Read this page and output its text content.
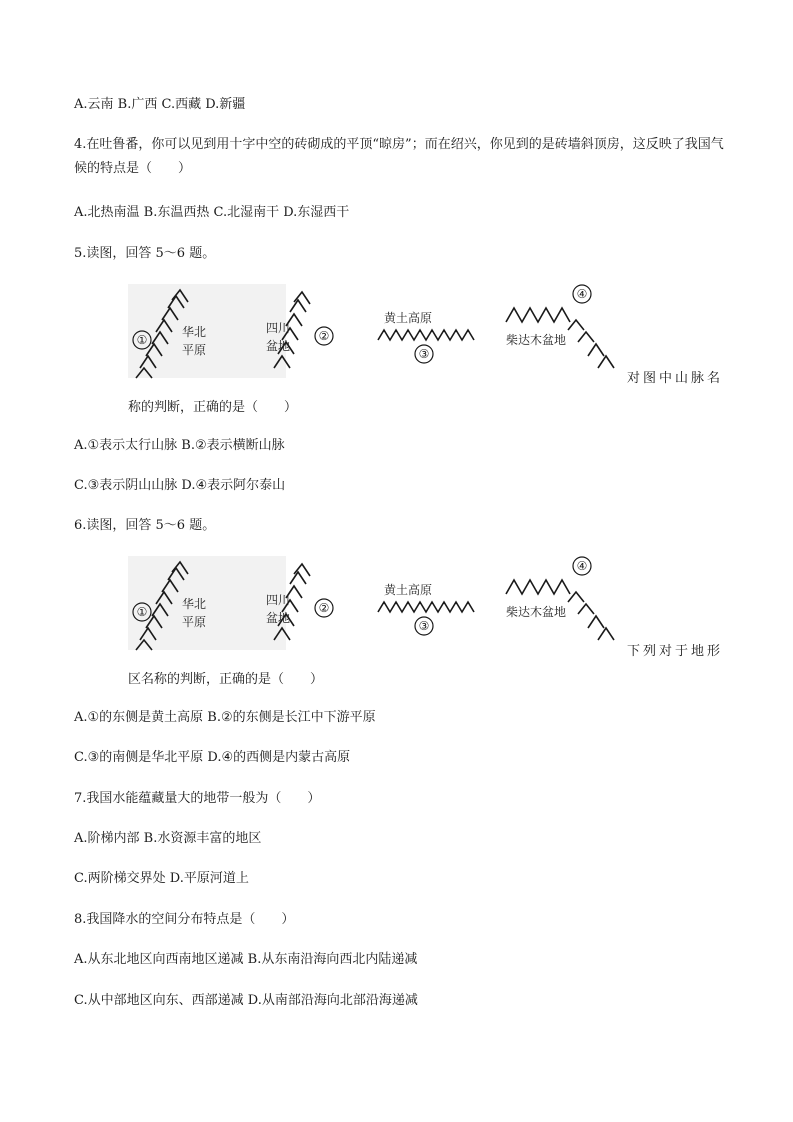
A.云南 B.广西 C.西藏 D.新疆
4.在吐鲁番，你可以见到用十字中空的砖砌成的平顶“晾房”；而在绍兴，你见到的是砖墙斜顶房，这反映了我国气候的特点是（　　）
A.北热南温 B.东温西热 C.北湿南干 D.东湿西干
5.读图，回答 5～6 题。
①	②
③
④
华北
平原
四川
盆地
黄土高原
柴达木盆地
对图中山脉名
称的判断，正确的是（　　）
A.①表示太行山脉 B.②表示横断山脉
C.③表示阴山山脉 D.④表示阿尔泰山
6.读图，回答 5～6 题。
①	②
③
④
华北
平原
四川
盆地
黄土高原
柴达木盆地
下列对于地形
区名称的判断，正确的是（　　）
A.①的东侧是黄土高原 B.②的东侧是长江中下游平原
C.③的南侧是华北平原 D.④的西侧是内蒙古高原
7.我国水能蕴藏量大的地带一般为（　　）
A.阶梯内部 B.水资源丰富的地区
C.两阶梯交界处 D.平原河道上
8.我国降水的空间分布特点是（　　）
A.从东北地区向西南地区递减 B.从东南沿海向西北内陆递减
C.从中部地区向东、西部递减 D.从南部沿海向北部沿海递减
